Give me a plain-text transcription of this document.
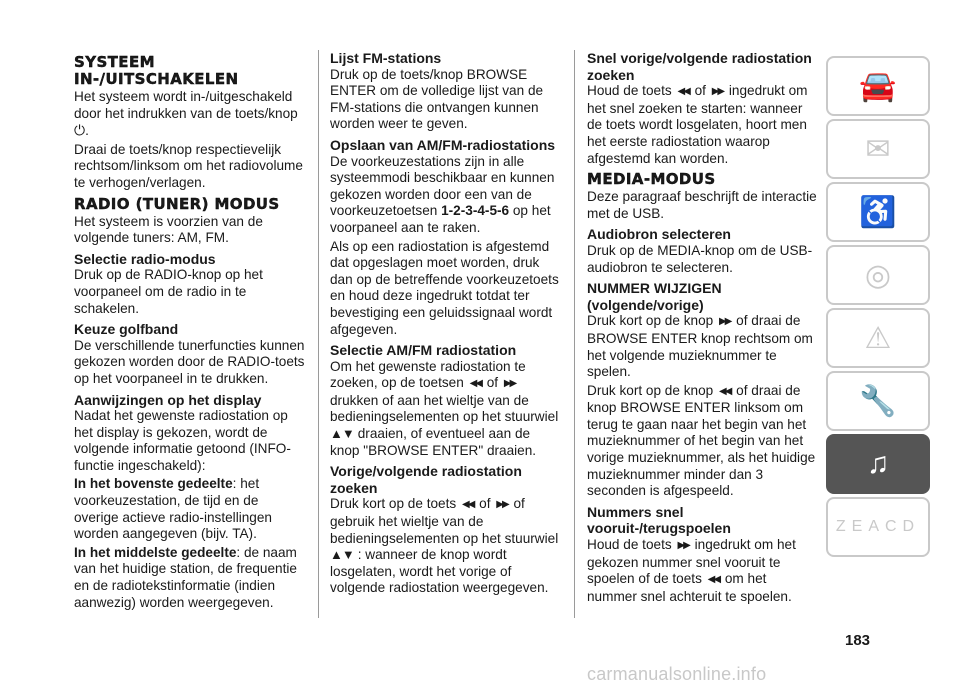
SYSTEEM IN-/UITSCHAKELEN

Het systeem wordt in-/uitgeschakeld door het indrukken van de toets/knop ⏻.

Draai de toets/knop respectievelijk rechtsom/linksom om het radiovolume te verhogen/verlagen.

RADIO (TUNER) MODUS

Het systeem is voorzien van de volgende tuners: AM, FM.

Selectie radio-modus

Druk op de RADIO-knop op het voorpaneel om de radio in te schakelen.

Keuze golfband

De verschillende tunerfuncties kunnen gekozen worden door de RADIO-toets op het voorpaneel in te drukken.

Aanwijzingen op het display

Nadat het gewenste radiostation op het display is gekozen, wordt de volgende informatie getoond (INFO-functie ingeschakeld):

In het bovenste gedeelte: het voorkeuzestation, de tijd en de overige actieve radio-instellingen worden aangegeven (bijv. TA).

In het middelste gedeelte: de naam van het huidige station, de frequentie en de radiotekstinformatie (indien aanwezig) worden weergegeven.

Lijst FM-stations

Druk op de toets/knop BROWSE ENTER om de volledige lijst van de FM-stations die ontvangen kunnen worden weer te geven.

Opslaan van AM/FM-radiostations

De voorkeuzestations zijn in alle systeemmodi beschikbaar en kunnen gekozen worden door een van de voorkeuzetoetsen 1-2-3-4-5-6 op het voorpaneel aan te raken.

Als op een radiostation is afgestemd dat opgeslagen moet worden, druk dan op de betreffende voorkeuzetoets en houd deze ingedrukt totdat ter bevestiging een geluidssignaal wordt afgegeven.

Selectie AM/FM radiostation

Om het gewenste radiostation te zoeken, op de toetsen ◀◀ of ▶▶ drukken of aan het wieltje van de bedieningselementen op het stuurwiel
▲▼ draaien, of eventueel aan de knop "BROWSE ENTER" draaien.

Vorige/volgende radiostation zoeken

Druk kort op de toets ◀◀ of ▶▶ of gebruik het wieltje van de bedieningselementen op het stuurwiel
▲▼ : wanneer de knop wordt losgelaten, wordt het vorige of volgende radiostation weergegeven.

Snel vorige/volgende radiostation zoeken

Houd de toets ◀◀ of ▶▶ ingedrukt om het snel zoeken te starten: wanneer de toets wordt losgelaten, hoort men het eerste radiostation waarop afgestemd kan worden.

MEDIA-MODUS

Deze paragraaf beschrijft de interactie met de USB.

Audiobron selecteren

Druk op de MEDIA-knop om de USB-audiobron te selecteren.

NUMMER WIJZIGEN (volgende/vorige)

Druk kort op de knop ▶▶ of draai de BROWSE ENTER knop rechtsom om het volgende muzieknummer te spelen.

Druk kort op de knop ◀◀ of draai de knop BROWSE ENTER linksom om terug te gaan naar het begin van het muzieknummer of het begin van het vorige muzieknummer, als het huidige muzieknummer minder dan 3 seconden is afgespeeld.

Nummers snel vooruit-/terugspoelen

Houd de toets ▶▶ ingedrukt om het gekozen nummer snel vooruit te spoelen of de toets ◀◀ om het nummer snel achteruit te spoelen.

🚘
✉
♿
◎
⚠
🔧
♫
ZEACD
183
carmanualsonline.info
